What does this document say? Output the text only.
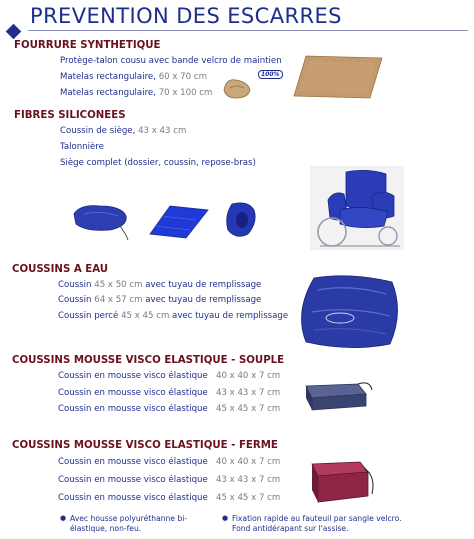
PREVENTION DES ESCARRES
FOURRURE SYNTHETIQUE
Protège-talon cousu avec bande velcro de maintien
Matelas rectangulaire, 60 x 70 cm
Matelas rectangulaire, 70 x 100 cm
100%
FIBRES SILICONEES
Coussin de siège, 43 x 43 cm
Talonnière
Siège complet (dossier, coussin, repose-bras)
COUSSINS A EAU
Coussin 45 x 50 cm avec tuyau de remplissage
Coussin 64 x 57 cm avec tuyau de remplissage
Coussin percé 45 x 45 cm avec tuyau de remplissage
COUSSINS MOUSSE VISCO ELASTIQUE - SOUPLE
Coussin en mousse visco élastique 40 x 40 x 7 cm
Coussin en mousse visco élastique 43 x 43 x 7 cm
Coussin en mousse visco élastique 45 x 45 x 7 cm
COUSSINS MOUSSE VISCO ELASTIQUE - FERME
Coussin en mousse visco élastique 40 x 40 x 7 cm
Coussin en mousse visco élastique 43 x 43 x 7 cm
Coussin en mousse visco élastique 45 x 45 x 7 cm
● Avec housse polyuréthanne bi-élastique, non-feu.
● Fixation rapide au fauteuil par sangle velcro. Fond antidérapant sur l'assise.
